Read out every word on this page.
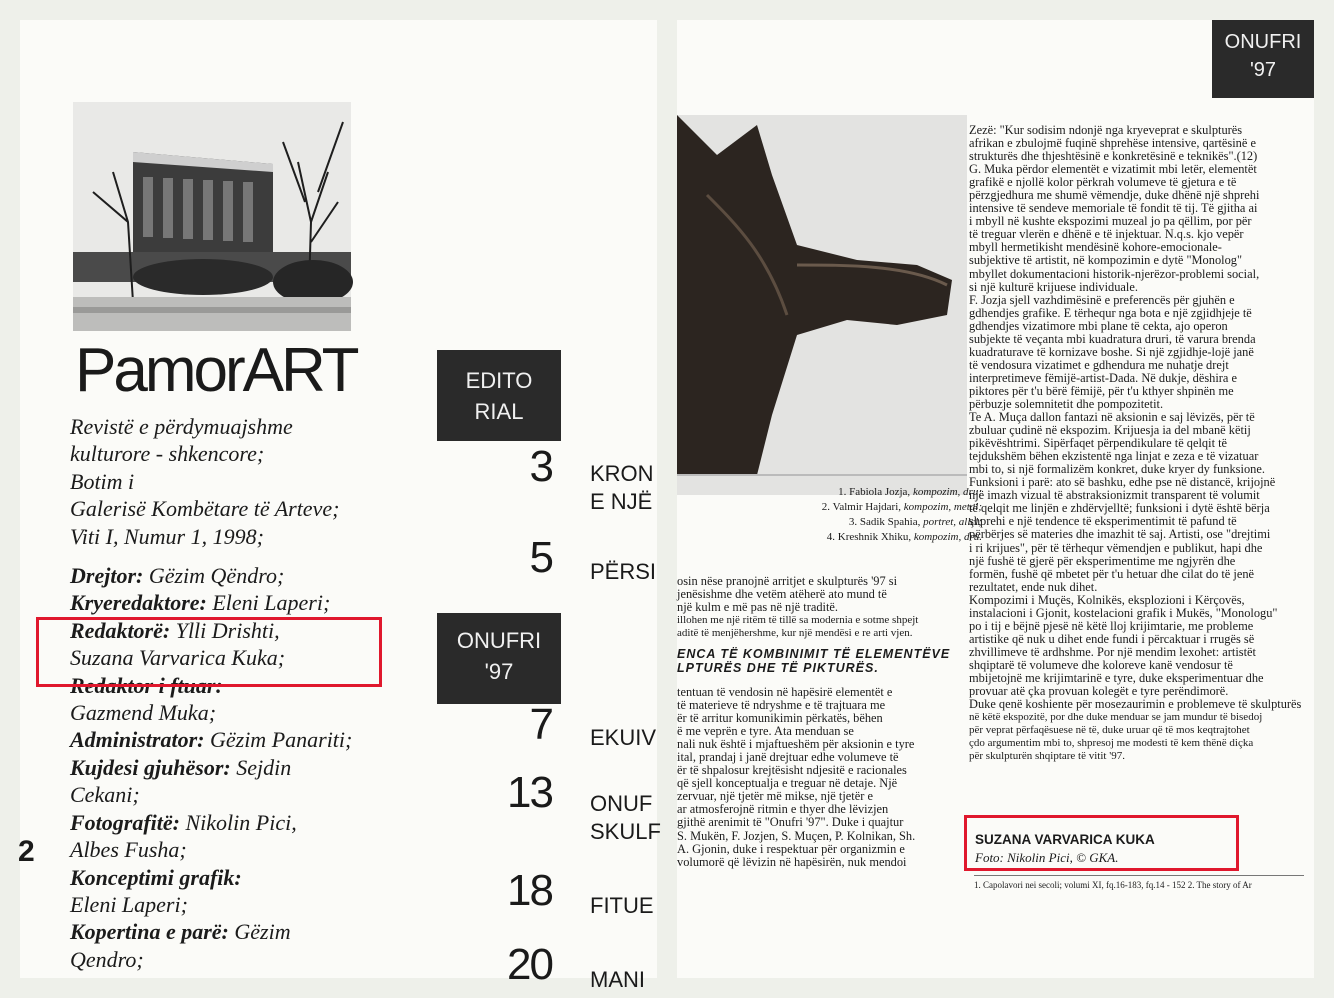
PamorART

Revistë e përdymuajshme

kulturore - shkencore;

Botim i

Galerisë Kombëtare të Arteve;

Viti I, Numur 1, 1998;

Drejtor: Gëzim Qëndro;

Kryeredaktore: Eleni Laperi;

Redaktorë: Ylli Drishti,

Suzana Varvarica Kuka;

Redaktor i ftuar:

Gazmend Muka;

Administrator: Gëzim Panariti;

Kujdesi gjuhësor: Sejdin

Cekani;

Fotografitë: Nikolin Pici,

Albes Fusha;

Konceptimi grafik:

Eleni Laperi;

Kopertina e parë: Gëzim

Qendro;

2
EDITO
RIAL
ONUFRI
'97
3 KRON
E NJË
5 PËRSI
7 EKUIV
13 ONUF
SKULF
18 FITUE
20 MANI
ONUFRI
'97

1. Fabiola Jozja, kompozim, dru;

2. Valmir Hajdari, kompozim, metal;

3. Sadik Spahia, portret, allçi;

4. Kreshnik Xhiku, kompozim, dru.

osin nëse pranojnë arritjet e skulpturës '97 si

jenësishme dhe vetëm atëherë ato mund të

një kulm e më pas në një traditë.

illohen me një ritëm të tillë sa modernia e sotme shpejt

aditë të menjëhershme, kur një mendësi e re arti vjen.

ENCA TË KOMBINIMIT TË ELEMENTËVE
LPTURËS DHE TË PIKTURËS.

tentuan të vendosin në hapësirë elementët e

të materieve të ndryshme e të trajtuara me

ër të arritur komunikimin përkatës, bëhen

ë me veprën e tyre. Ata menduan se

nali nuk është i mjaftueshëm për aksionin e tyre

ital, prandaj i janë drejtuar edhe volumeve të

ër të shpalosur krejtësisht ndjesitë e racionales

që sjell konceptualja e treguar në detaje. Një

zervuar, një tjetër më mikse, një tjetër e

ar atmosferojnë ritmin e thyer dhe lëvizjen

gjithë arenimit të "Onufri '97". Duke i quajtur

S. Mukën, F. Jozjen, S. Muçen, P. Kolnikan, Sh.

A. Gjonin, duke i respektuar për organizmin e

volumorë që lëvizin në hapësirën, nuk mendoi

Zezë: "Kur sodisim ndonjë nga kryeveprat e skulpturës

afrikan e zbulojmë fuqinë shprehëse intensive, qartësinë e

strukturës dhe thjeshtësinë e konkretësinë e teknikës".(12)

G. Muka përdor elementët e vizatimit mbi letër, elementët

grafikë e njollë kolor përkrah volumeve të gjetura e të

përzgjedhura me shumë vëmendje, duke dhënë një shprehi

intensive të sendeve memoriale të fondit të tij. Të gjitha ai

i mbyll në kushte ekspozimi muzeal jo pa qëllim, por për

të treguar vlerën e dhënë e të injektuar. N.q.s. kjo vepër

mbyll hermetikisht mendësinë kohore-emocionale-

subjektive të artistit, në kompozimin e dytë "Monolog"

mbyllet dokumentacioni historik-njerëzor-problemi social,

si një kulturë krijuese individuale.

F. Jozja sjell vazhdimësinë e preferencës për gjuhën e

gdhendjes grafike. E tërhequr nga bota e një zgjidhjeje të

gdhendjes vizatimore mbi plane të cekta, ajo operon

subjekte të veçanta mbi kuadratura druri, të varura brenda

kuadraturave të kornizave boshe. Si një zgjidhje-lojë janë

të vendosura vizatimet e gdhendura me nuhatje drejt

interpretimeve fëmijë-artist-Dada. Në dukje, dëshira e

piktores për t'u bërë fëmijë, për t'u kthyer shpinën me

përbuzje solemnitetit dhe pompozitetit.

Te A. Muça dallon fantazi në aksionin e saj lëvizës, për të

zbuluar çudinë në ekspozim. Krijuesja ia del mbanë këtij

pikëvështrimi. Sipërfaqet përpendikulare të qelqit të

tejdukshëm bëhen ekzistentë nga linjat e zeza e të vizatuar

mbi to, si një formalizëm konkret, duke kryer dy funksione.

Funksioni i parë: ato së bashku, edhe pse në distancë, krijojnë

një imazh vizual të abstraksionizmit transparent të volumit

të qelqit me linjën e zhdërvjelltë; funksioni i dytë është bërja

shprehi e një tendence të eksperimentimit të pafund të

përbërjes së materies dhe imazhit të saj. Artisti, ose "drejtimi

i ri krijues", për të tërhequr vëmendjen e publikut, hapi dhe

një fushë të gjerë për eksperimentime me ngjyrën dhe

formën, fushë që mbetet për t'u hetuar dhe cilat do të jenë

rezultatet, ende nuk dihet.

Kompozimi i Muçës, Kolnikës, eksplozioni i Kërçovës,

instalacioni i Gjonit, kostelacioni grafik i Mukës, "Monologu"

po i tij e bëjnë pjesë në këtë lloj krijimtarie, me probleme

artistike që nuk u dihet ende fundi i përcaktuar i rrugës së

zhvillimeve të ardhshme. Por një mendim lexohet: artistët

shqiptarë të volumeve dhe koloreve kanë vendosur të

mbijetojnë me krijimtarinë e tyre, duke eksperimentuar dhe

provuar atë çka provuan kolegët e tyre perëndimorë.

Duke qenë koshiente për mosezaurimin e problemeve të skulpturës

në këtë ekspozitë, por dhe duke menduar se jam mundur të bisedoj

për veprat përfaqësuese në të, duke uruar që të mos keqtrajtohet

çdo argumentim mbi to, shpresoj me modesti të kem thënë diçka

për skulpturën shqiptare të vitit '97.

SUZANA VARVARICA KUKA
Foto: Nikolin Pici, © GKA.
1. Capolavori nei secoli; volumi XI, fq.16-183, fq.14 - 152 2. The story of Ar
